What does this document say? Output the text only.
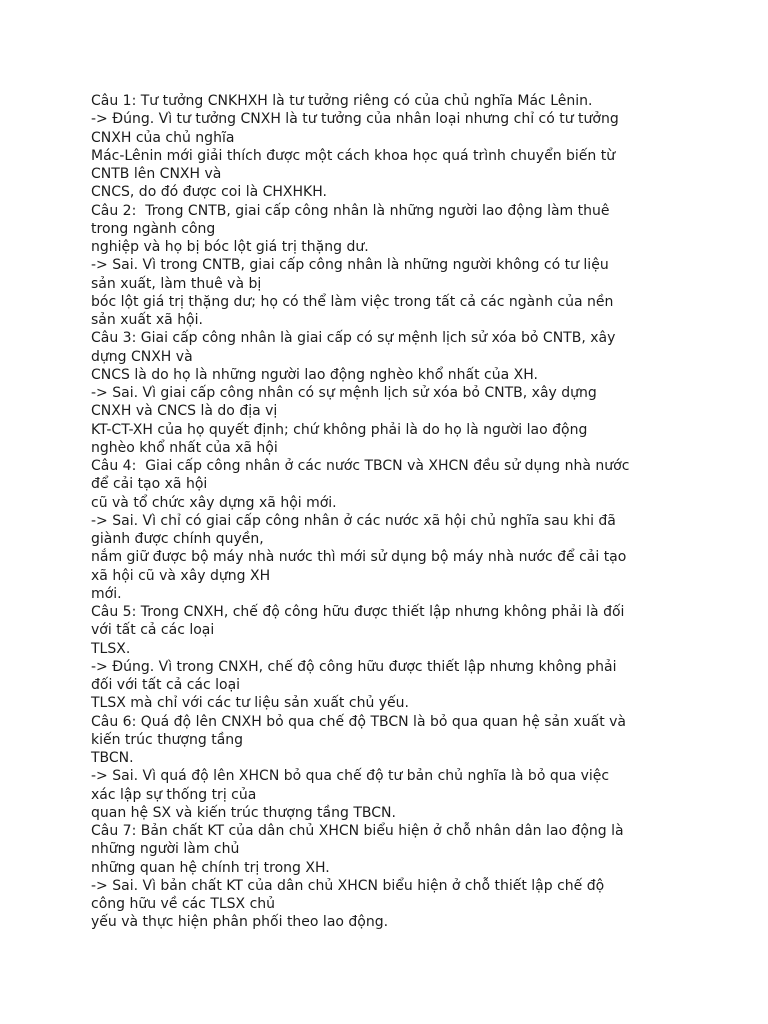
Câu 1: Tư tưởng CNKHXH là tư tưởng riêng có của chủ nghĩa Mác Lênin.
-> Đúng. Vì tư tưởng CNXH là tư tưởng của nhân loại nhưng chỉ có tư tưởng
CNXH của chủ nghĩa
Mác-Lênin mới giải thích được một cách khoa học quá trình chuyển biến từ
CNTB lên CNXH và
CNCS, do đó được coi là CHXHKH.
Câu 2:  Trong CNTB, giai cấp công nhân là những người lao động làm thuê
trong ngành công
nghiệp và họ bị bóc lột giá trị thặng dư.
-> Sai. Vì trong CNTB, giai cấp công nhân là những người không có tư liệu
sản xuất, làm thuê và bị
bóc lột giá trị thặng dư; họ có thể làm việc trong tất cả các ngành của nền
sản xuất xã hội.
Câu 3: Giai cấp công nhân là giai cấp có sự mệnh lịch sử xóa bỏ CNTB, xây
dựng CNXH và
CNCS là do họ là những người lao động nghèo khổ nhất của XH.
-> Sai. Vì giai cấp công nhân có sự mệnh lịch sử xóa bỏ CNTB, xây dựng
CNXH và CNCS là do địa vị
KT-CT-XH của họ quyết định; chứ không phải là do họ là người lao động
nghèo khổ nhất của xã hội
Câu 4:  Giai cấp công nhân ở các nước TBCN và XHCN đều sử dụng nhà nước
để cải tạo xã hội
cũ và tổ chức xây dựng xã hội mới.
-> Sai. Vì chỉ có giai cấp công nhân ở các nước xã hội chủ nghĩa sau khi đã
giành được chính quyền,
nắm giữ được bộ máy nhà nước thì mới sử dụng bộ máy nhà nước để cải tạo
xã hội cũ và xây dựng XH
mới.
Câu 5: Trong CNXH, chế độ công hữu được thiết lập nhưng không phải là đối
với tất cả các loại
TLSX.
-> Đúng. Vì trong CNXH, chế độ công hữu được thiết lập nhưng không phải
đối với tất cả các loại
TLSX mà chỉ với các tư liệu sản xuất chủ yếu.
Câu 6: Quá độ lên CNXH bỏ qua chế độ TBCN là bỏ qua quan hệ sản xuất và
kiến trúc thượng tầng
TBCN.
-> Sai. Vì quá độ lên XHCN bỏ qua chế độ tư bản chủ nghĩa là bỏ qua việc
xác lập sự thống trị của
quan hệ SX và kiến trúc thượng tầng TBCN.
Câu 7: Bản chất KT của dân chủ XHCN biểu hiện ở chỗ nhân dân lao động là
những người làm chủ
những quan hệ chính trị trong XH.
-> Sai. Vì bản chất KT của dân chủ XHCN biểu hiện ở chỗ thiết lập chế độ
công hữu về các TLSX chủ
yếu và thực hiện phân phối theo lao động.
